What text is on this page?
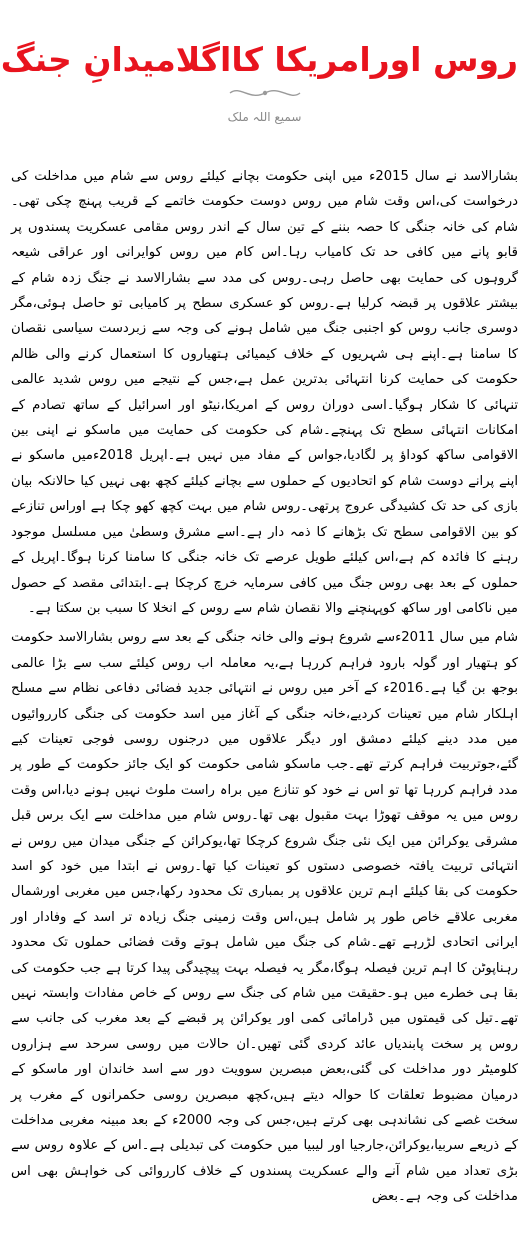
روس اورامریکا کااگلامیدانِ جنگ
سمیع اللہ ملک

بشارالاسد نے سال 2015ء میں اپنی حکومت بچانے کیلئے روس سے شام میں مداخلت کی درخواست کی،اس وقت شام میں روس دوست حکومت خاتمے کے قریب پہنچ چکی تھی۔شام کی خانہ جنگی کا حصہ بننے کے تین سال کے اندر روس مقامی عسکریت پسندوں پر قابو پانے میں کافی حد تک کامیاب رہا۔اس کام میں روس کوایرانی اور عراقی شیعہ گروہوں کی حمایت بھی حاصل رہی۔روس کی مدد سے بشارالاسد نے جنگ زدہ شام کے بیشتر علاقوں پر قبضہ کرلیا ہے۔روس کو عسکری سطح پر کامیابی تو حاصل ہوئی،مگر دوسری جانب روس کو اجنبی جنگ میں شامل ہونے کی وجہ سے زبردست سیاسی نقصان کا سامنا ہے۔اپنے ہی شہریوں کے خلاف کیمیائی ہتھیاروں کا استعمال کرنے والی ظالم حکومت کی حمایت کرنا انتہائی بدترین عمل ہے،جس کے نتیجے میں روس شدید عالمی تنہائی کا شکار ہوگیا۔اسی دوران روس کے امریکا،نیٹو اور اسرائیل کے ساتھ تصادم کے امکانات انتہائی سطح تک پہنچے۔شام کی حکومت کی حمایت میں ماسکو نے اپنی بین الاقوامی ساکھ کوداؤ پر لگادیا،جواس کے مفاد میں نہیں ہے۔اپریل 2018ءمیں ماسکو نے اپنے پرانے دوست شام کو اتحادیوں کے حملوں سے بچانے کیلئے کچھ بھی نہیں کیا حالانکہ بیان بازی کی حد تک کشیدگی عروج پرتھی۔روس شام میں بہت کچھ کھو چکا ہے اوراس تنازعے کو بین الاقوامی سطح تک بڑھانے کا ذمہ دار ہے۔اسے مشرق وسطیٰ میں مسلسل موجود رہنے کا فائدہ کم ہے،اس کیلئے طویل عرصے تک خانہ جنگی کا سامنا کرنا ہوگا۔اپریل کے حملوں کے بعد بھی روس جنگ میں کافی سرمایہ خرچ کرچکا ہے۔ابتدائی مقصد کے حصول میں ناکامی اور ساکھ کوپہنچنے والا نقصان شام سے روس کے انخلا کا سبب بن سکتا ہے۔

شام میں سال 2011ءسے شروع ہونے والی خانہ جنگی کے بعد سے روس بشارالاسد حکومت کو ہتھیار اور گولہ بارود فراہم کررہا ہے،یہ معاملہ اب روس کیلئے سب سے بڑا عالمی بوجھ بن گیا ہے۔2016ء کے آخر میں روس نے انتہائی جدید فضائی دفاعی نظام سے مسلح اہلکار شام میں تعینات کردیے،خانہ جنگی کے آغاز میں اسد حکومت کی جنگی کارروائیوں میں مدد دینے کیلئے دمشق اور دیگر علاقوں میں درجنوں روسی فوجی تعینات کیے گئے،جوتربیت فراہم کرتے تھے۔جب ماسکو شامی حکومت کو ایک جائز حکومت کے طور پر مدد فراہم کررہا تھا تو اس نے خود کو تنازع میں براہ راست ملوث نہیں ہونے دیا،اس وقت روس میں یہ موقف تھوڑا بہت مقبول بھی تھا۔روس شام میں مداخلت سے ایک برس قبل مشرقی یوکرائن میں ایک نئی جنگ شروع کرچکا تھا،یوکرائن کے جنگی میدان میں روس نے انتہائی تربیت یافتہ خصوصی دستوں کو تعینات کیا تھا۔روس نے ابتدا میں خود کو اسد حکومت کی بقا کیلئے اہم ترین علاقوں پر بمباری تک محدود رکھا،جس میں مغربی اورشمال مغربی علاقے خاص طور پر شامل ہیں،اس وقت زمینی جنگ زیادہ تر اسد کے وفادار اور ایرانی اتحادی لڑرہے تھے۔شام کی جنگ میں شامل ہوتے وقت فضائی حملوں تک محدود رہناپوٹن کا اہم ترین فیصلہ ہوگا،مگر یہ فیصلہ بہت پیچیدگی پیدا کرتا ہے جب حکومت کی بقا ہی خطرے میں ہو۔حقیقت میں شام کی جنگ سے روس کے خاص مفادات وابستہ نہیں تھے۔تیل کی قیمتوں میں ڈرامائی کمی اور یوکرائن پر قبضے کے بعد مغرب کی جانب سے روس پر سخت پابندیاں عائد کردی گئی تھیں۔ان حالات میں روسی سرحد سے ہزاروں کلومیٹر دور مداخلت کی گئی،بعض مبصرین سوویت دور سے اسد خاندان اور ماسکو کے درمیان مضبوط تعلقات کا حوالہ دیتے ہیں،کچھ مبصرین روسی حکمرانوں کے مغرب پر سخت غصے کی نشاندہی بھی کرتے ہیں،جس کی وجہ 2000ء کے بعد مبینہ مغربی مداخلت کے ذریعے سربیا،یوکرائن،جارجیا اور لیبیا میں حکومت کی تبدیلی ہے۔اس کے علاوہ روس سے بڑی تعداد میں شام آنے والے عسکریت پسندوں کے خلاف کارروائی کی خواہش بھی اس مداخلت کی وجہ ہے۔بعض
